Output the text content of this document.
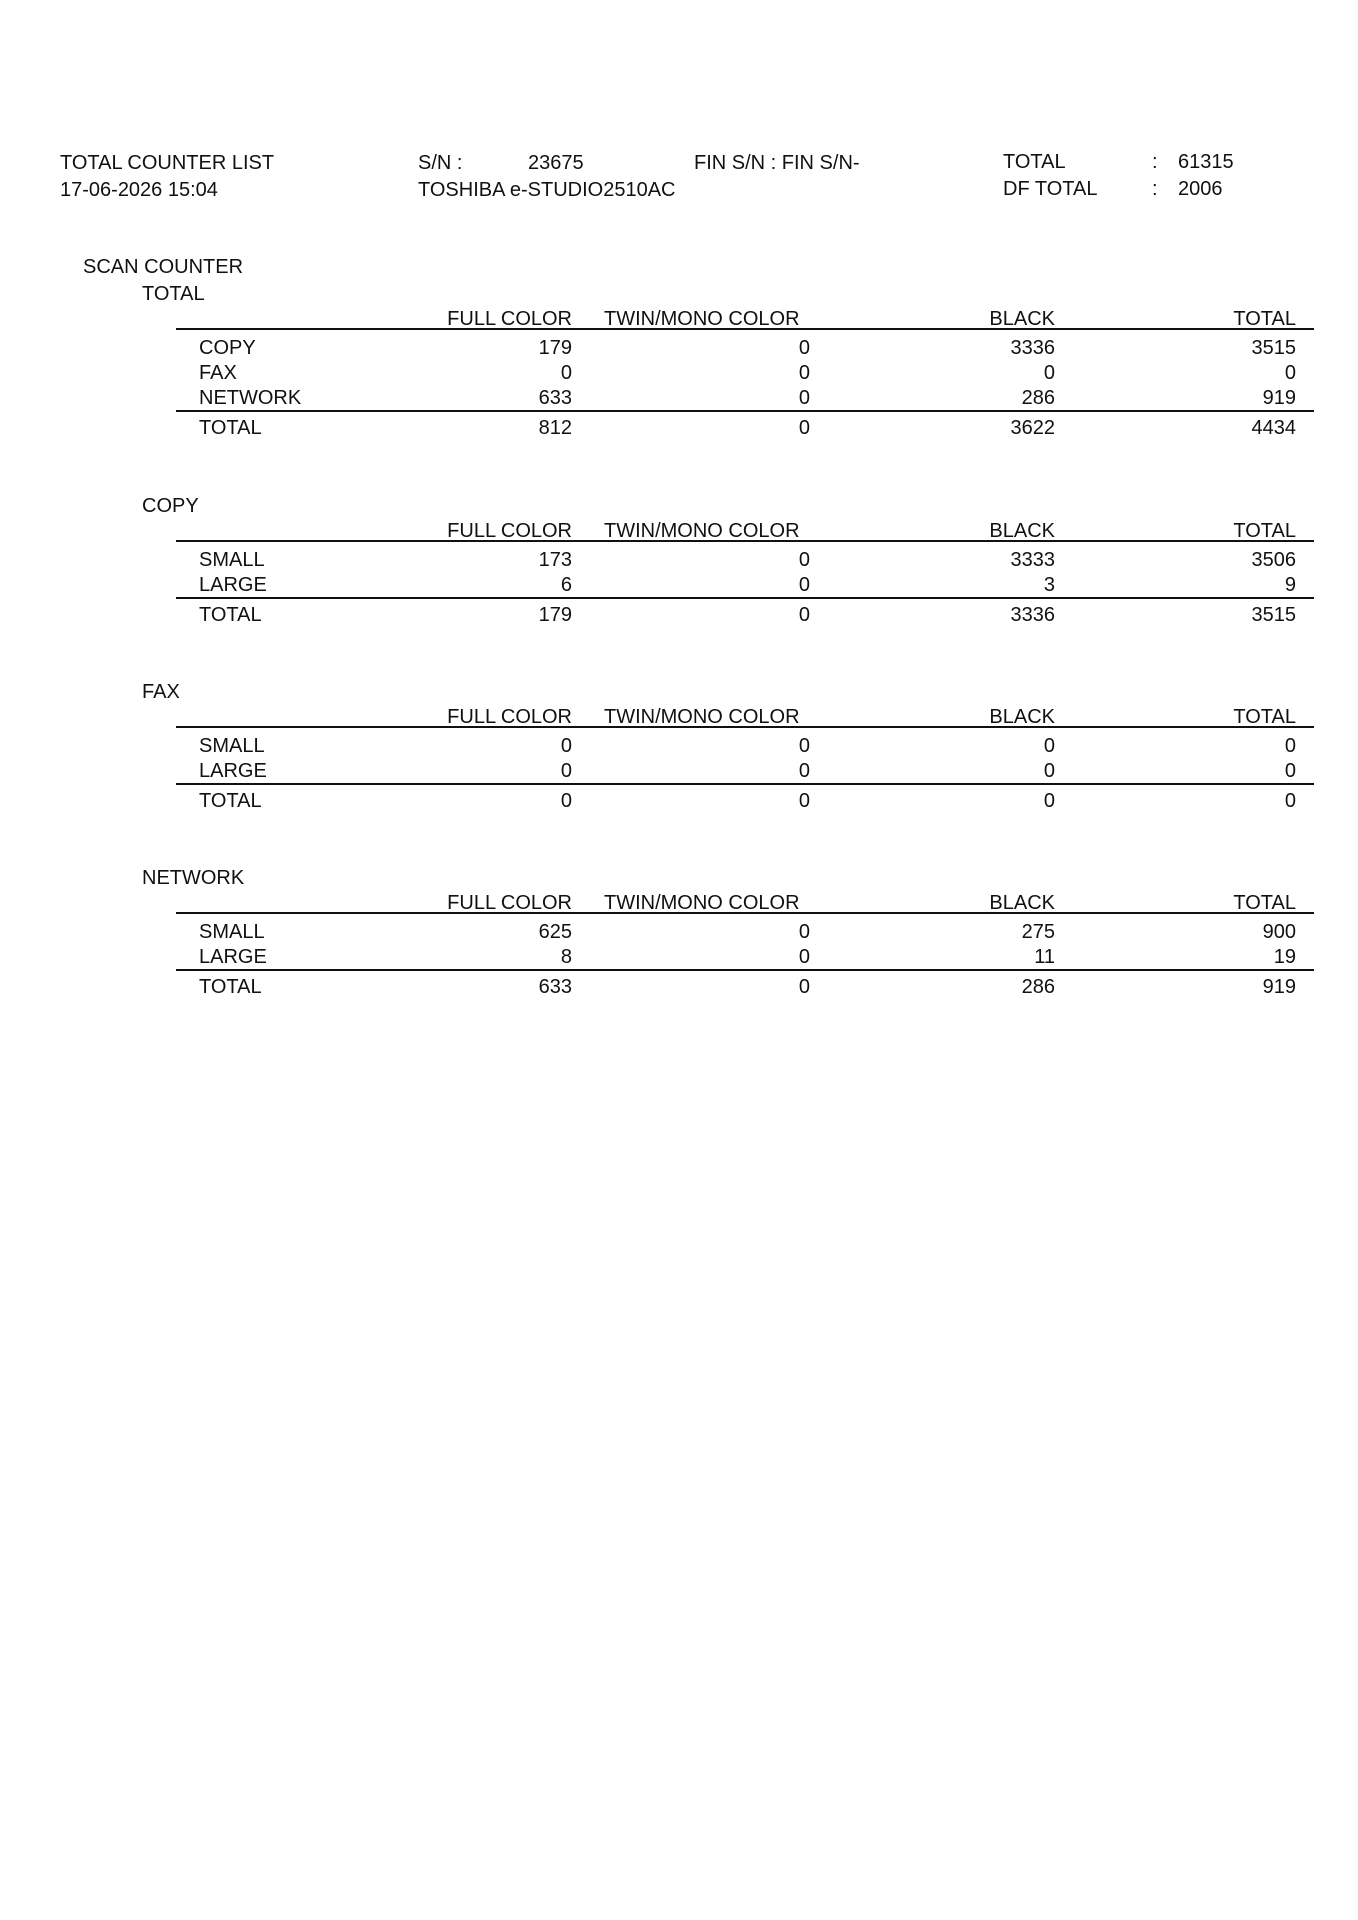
TOTAL COUNTER LIST
17-06-2026 15:04
S/N :	23675	FIN S/N : FIN S/N-
TOSHIBA e-STUDIO2510AC
TOTAL	: 61315
DF TOTAL	: 2006
SCAN COUNTER
TOTAL
FULL COLOR TWIN/MONO COLOR	BLACK	TOTAL
COPY	179	0	3336	3515
FAX	0	0	0	0
NETWORK	633	0	286	919
TOTAL	812	0	3622	4434
COPY
FULL COLOR TWIN/MONO COLOR	BLACK	TOTAL
SMALL	173	0	3333	3506
LARGE	6	0	3	9
TOTAL	179	0	3336	3515
FAX
FULL COLOR TWIN/MONO COLOR	BLACK	TOTAL
SMALL	0	0	0	0
LARGE	0	0	0	0
TOTAL	0	0	0	0
NETWORK
FULL COLOR TWIN/MONO COLOR	BLACK	TOTAL
SMALL	625	0	275	900
LARGE	8	0	11	19
TOTAL	633	0	286	919
